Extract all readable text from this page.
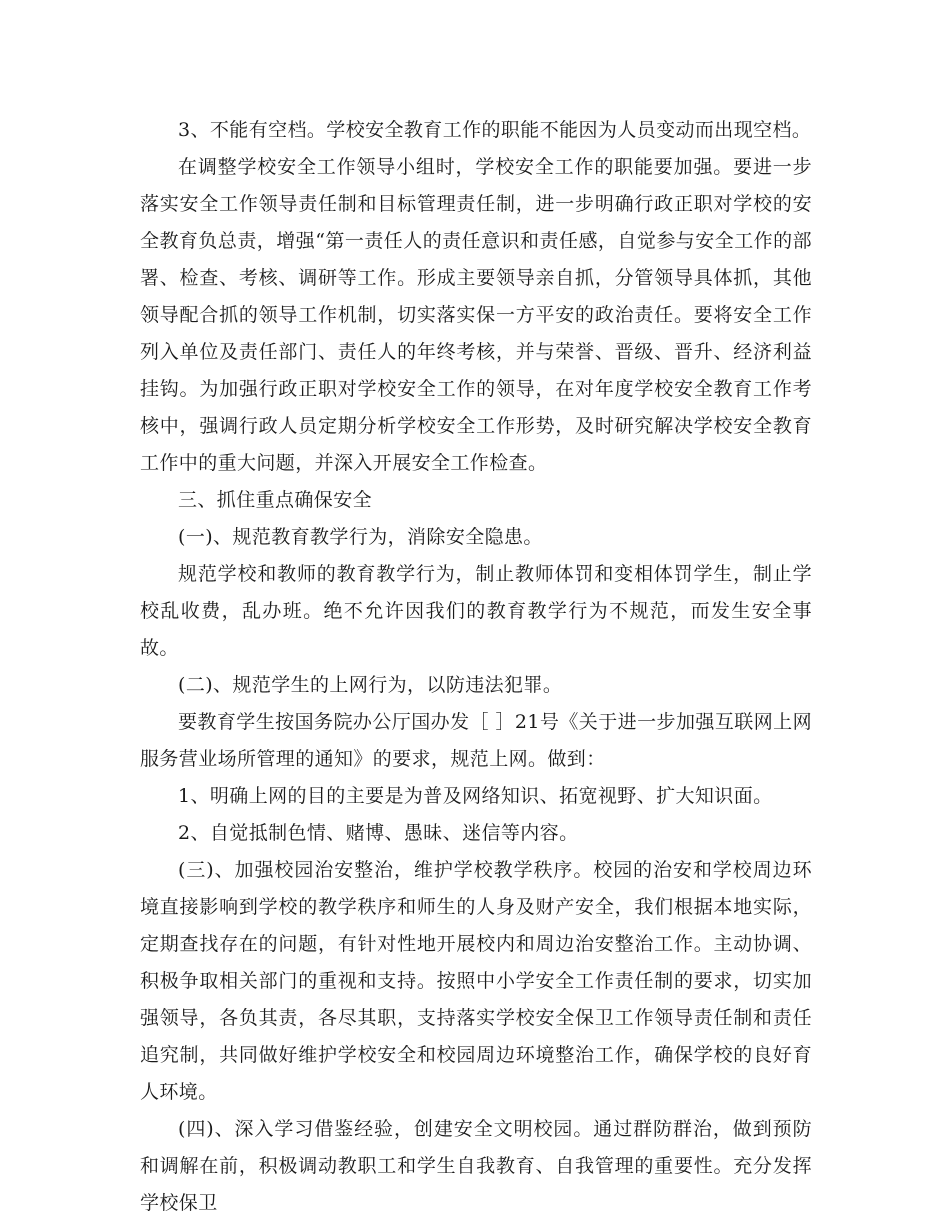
3、不能有空档。学校安全教育工作的职能不能因为人员变动而出现空档。

在调整学校安全工作领导小组时，学校安全工作的职能要加强。要进一步落实安全工作领导责任制和目标管理责任制，进一步明确行政正职对学校的安全教育负总责，增强“第一责任人的责任意识和责任感，自觉参与安全工作的部署、检查、考核、调研等工作。形成主要领导亲自抓，分管领导具体抓，其他领导配合抓的领导工作机制，切实落实保一方平安的政治责任。要将安全工作列入单位及责任部门、责任人的年终考核，并与荣誉、晋级、晋升、经济利益挂钩。为加强行政正职对学校安全工作的领导，在对年度学校安全教育工作考核中，强调行政人员定期分析学校安全工作形势，及时研究解决学校安全教育工作中的重大问题，并深入开展安全工作检查。

三、抓住重点确保安全

(一)、规范教育教学行为，消除安全隐患。

规范学校和教师的教育教学行为，制止教师体罚和变相体罚学生，制止学校乱收费，乱办班。绝不允许因我们的教育教学行为不规范，而发生安全事故。

(二)、规范学生的上网行为，以防违法犯罪。

要教育学生按国务院办公厅国办发［ ］21号《关于进一步加强互联网上网服务营业场所管理的通知》的要求，规范上网。做到：

1、明确上网的目的主要是为普及网络知识、拓宽视野、扩大知识面。

2、自觉抵制色情、赌博、愚昧、迷信等内容。

(三)、加强校园治安整治，维护学校教学秩序。校园的治安和学校周边环境直接影响到学校的教学秩序和师生的人身及财产安全，我们根据本地实际，定期查找存在的问题，有针对性地开展校内和周边治安整治工作。主动协调、积极争取相关部门的重视和支持。按照中小学安全工作责任制的要求，切实加强领导，各负其责，各尽其职，支持落实学校安全保卫工作领导责任制和责任追究制，共同做好维护学校安全和校园周边环境整治工作，确保学校的良好育人环境。

(四)、深入学习借鉴经验，创建安全文明校园。通过群防群治，做到预防和调解在前，积极调动教职工和学生自我教育、自我管理的重要性。充分发挥学校保卫
